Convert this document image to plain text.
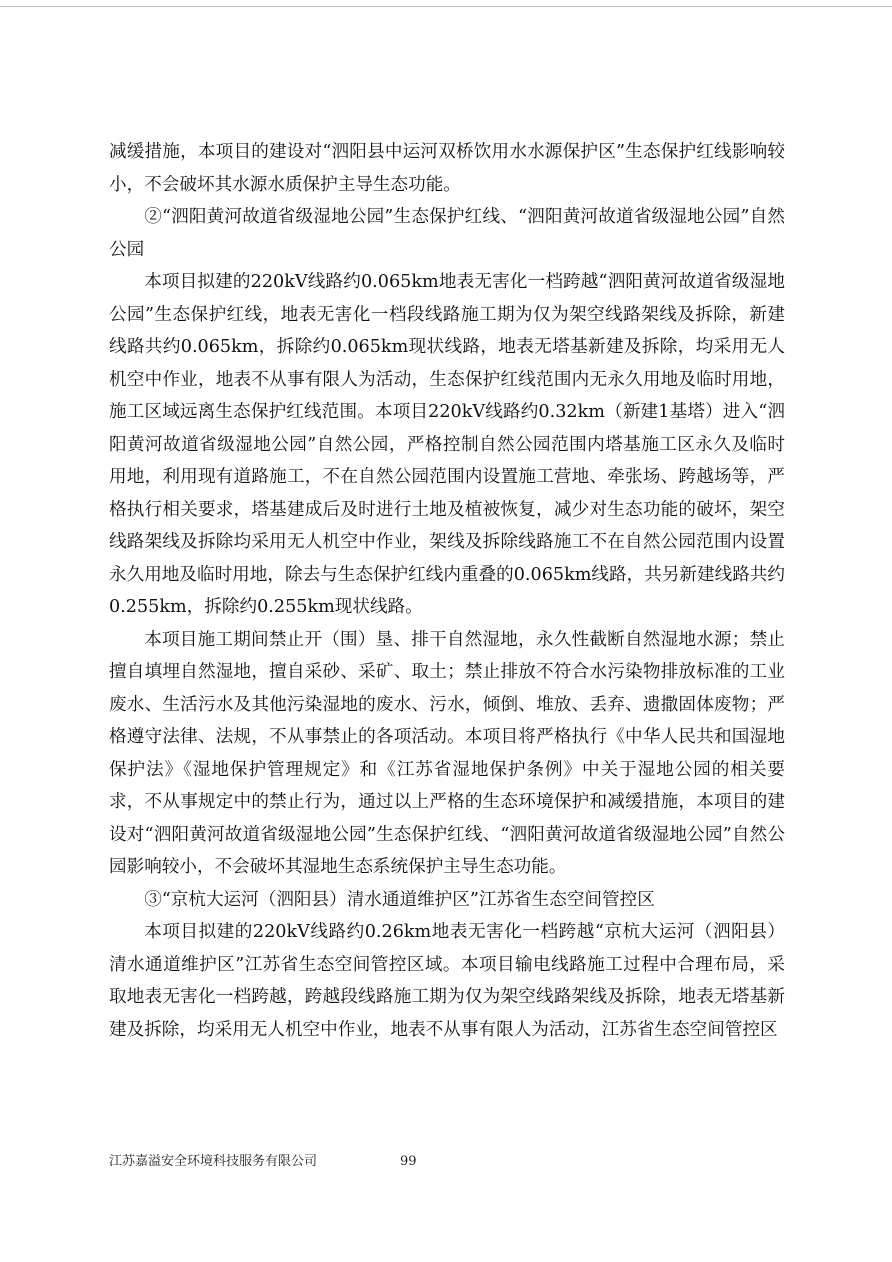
减缓措施，本项目的建设对“泗阳县中运河双桥饮用水水源保护区”生态保护红线影响较小，不会破坏其水源水质保护主导生态功能。

②“泗阳黄河故道省级湿地公园”生态保护红线、“泗阳黄河故道省级湿地公园”自然公园

本项目拟建的220kV线路约0.065km地表无害化一档跨越“泗阳黄河故道省级湿地公园”生态保护红线，地表无害化一档段线路施工期为仅为架空线路架线及拆除，新建线路共约0.065km，拆除约0.065km现状线路，地表无塔基新建及拆除，均采用无人机空中作业，地表不从事有限人为活动，生态保护红线范围内无永久用地及临时用地，施工区域远离生态保护红线范围。本项目220kV线路约0.32km（新建1基塔）进入“泗阳黄河故道省级湿地公园”自然公园，严格控制自然公园范围内塔基施工区永久及临时用地，利用现有道路施工，不在自然公园范围内设置施工营地、牵张场、跨越场等，严格执行相关要求，塔基建成后及时进行土地及植被恢复，减少对生态功能的破坏，架空线路架线及拆除均采用无人机空中作业，架线及拆除线路施工不在自然公园范围内设置永久用地及临时用地，除去与生态保护红线内重叠的0.065km线路，共另新建线路共约0.255km，拆除约0.255km现状线路。

本项目施工期间禁止开（围）垦、排干自然湿地，永久性截断自然湿地水源；禁止擅自填埋自然湿地，擅自采砂、采矿、取土；禁止排放不符合水污染物排放标准的工业废水、生活污水及其他污染湿地的废水、污水，倾倒、堆放、丢弃、遗撒固体废物；严格遵守法律、法规，不从事禁止的各项活动。本项目将严格执行《中华人民共和国湿地保护法》《湿地保护管理规定》和《江苏省湿地保护条例》中关于湿地公园的相关要求，不从事规定中的禁止行为，通过以上严格的生态环境保护和减缓措施，本项目的建设对“泗阳黄河故道省级湿地公园”生态保护红线、“泗阳黄河故道省级湿地公园”自然公园影响较小，不会破坏其湿地生态系统保护主导生态功能。

③“京杭大运河（泗阳县）清水通道维护区”江苏省生态空间管控区

本项目拟建的220kV线路约0.26km地表无害化一档跨越“京杭大运河（泗阳县）清水通道维护区”江苏省生态空间管控区域。本项目输电线路施工过程中合理布局，采取地表无害化一档跨越，跨越段线路施工期为仅为架空线路架线及拆除，地表无塔基新建及拆除，均采用无人机空中作业，地表不从事有限人为活动，江苏省生态空间管控区

江苏嘉溢安全环境科技服务有限公司	99
